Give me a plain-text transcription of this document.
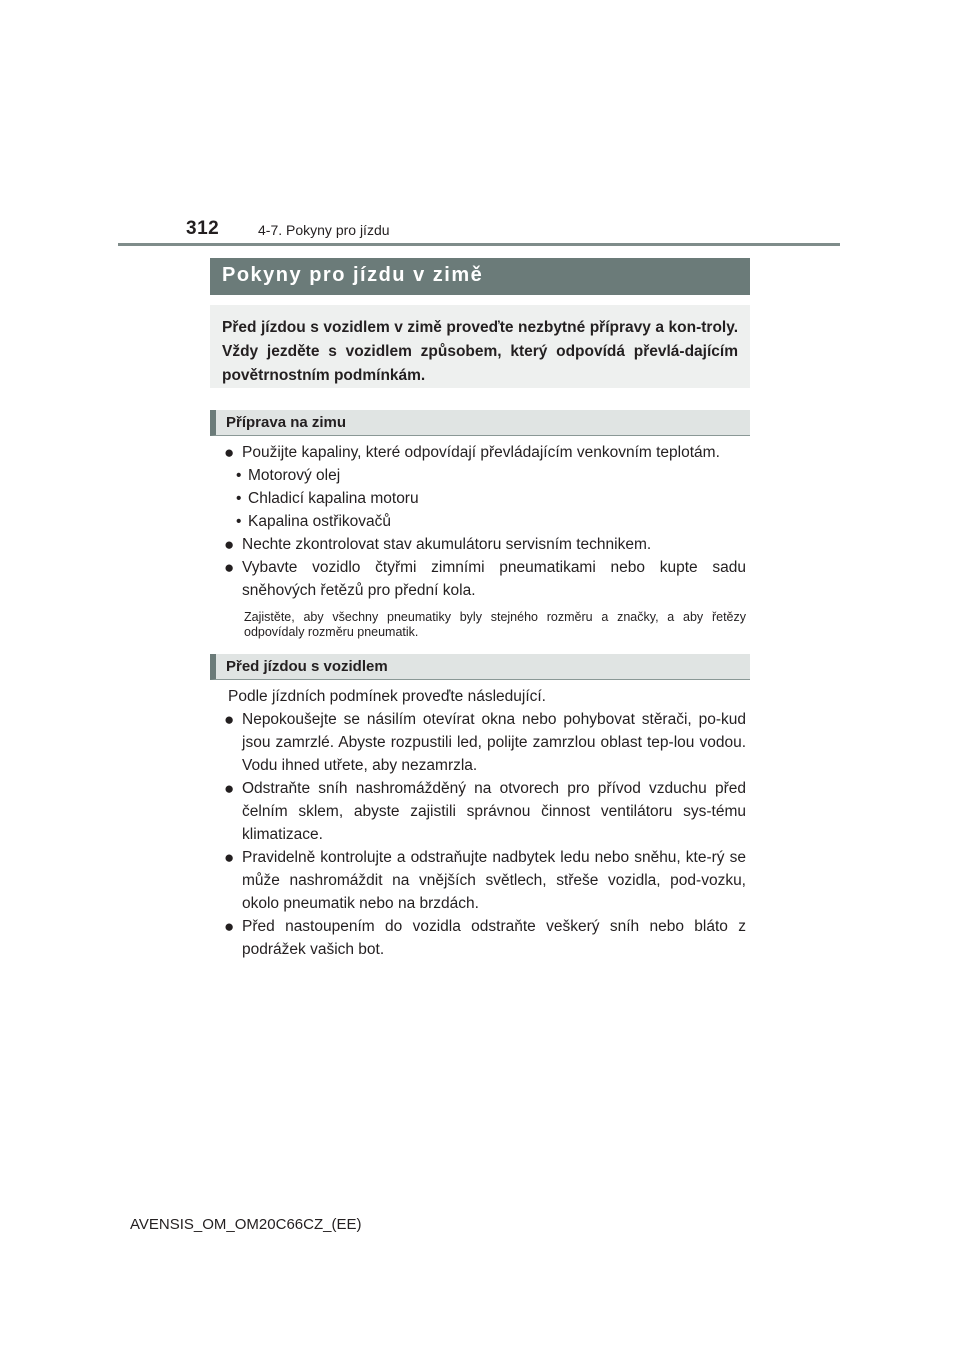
312	4-7. Pokyny pro jízdu
Pokyny pro jízdu v zimě
Před jízdou s vozidlem v zimě proveďte nezbytné přípravy a kon-troly. Vždy jezděte s vozidlem způsobem, který odpovídá převlá-dajícím povětrnostním podmínkám.
Příprava na zimu
● Použijte kapaliny, které odpovídají převládajícím venkovním teplotám.
• Motorový olej
• Chladicí kapalina motoru
• Kapalina ostřikovačů
● Nechte zkontrolovat stav akumulátoru servisním technikem.
● Vybavte vozidlo čtyřmi zimními pneumatikami nebo kupte sadu sněhových řetězů pro přední kola.
Zajistěte, aby všechny pneumatiky byly stejného rozměru a značky, a aby řetězy odpovídaly rozměru pneumatik.
Před jízdou s vozidlem
Podle jízdních podmínek proveďte následující.
● Nepokoušejte se násilím otevírat okna nebo pohybovat stěrači, po-kud jsou zamrzlé. Abyste rozpustili led, polijte zamrzlou oblast tep-lou vodou. Vodu ihned utřete, aby nezamrzla.
● Odstraňte sníh nashromážděný na otvorech pro přívod vzduchu před čelním sklem, abyste zajistili správnou činnost ventilátoru sys-tému klimatizace.
● Pravidelně kontrolujte a odstraňujte nadbytek ledu nebo sněhu, kte-rý se může nashromáždit na vnějších světlech, střeše vozidla, pod-vozku, okolo pneumatik nebo na brzdách.
● Před nastoupením do vozidla odstraňte veškerý sníh nebo bláto z podrážek vašich bot.
AVENSIS_OM_OM20C66CZ_(EE)
